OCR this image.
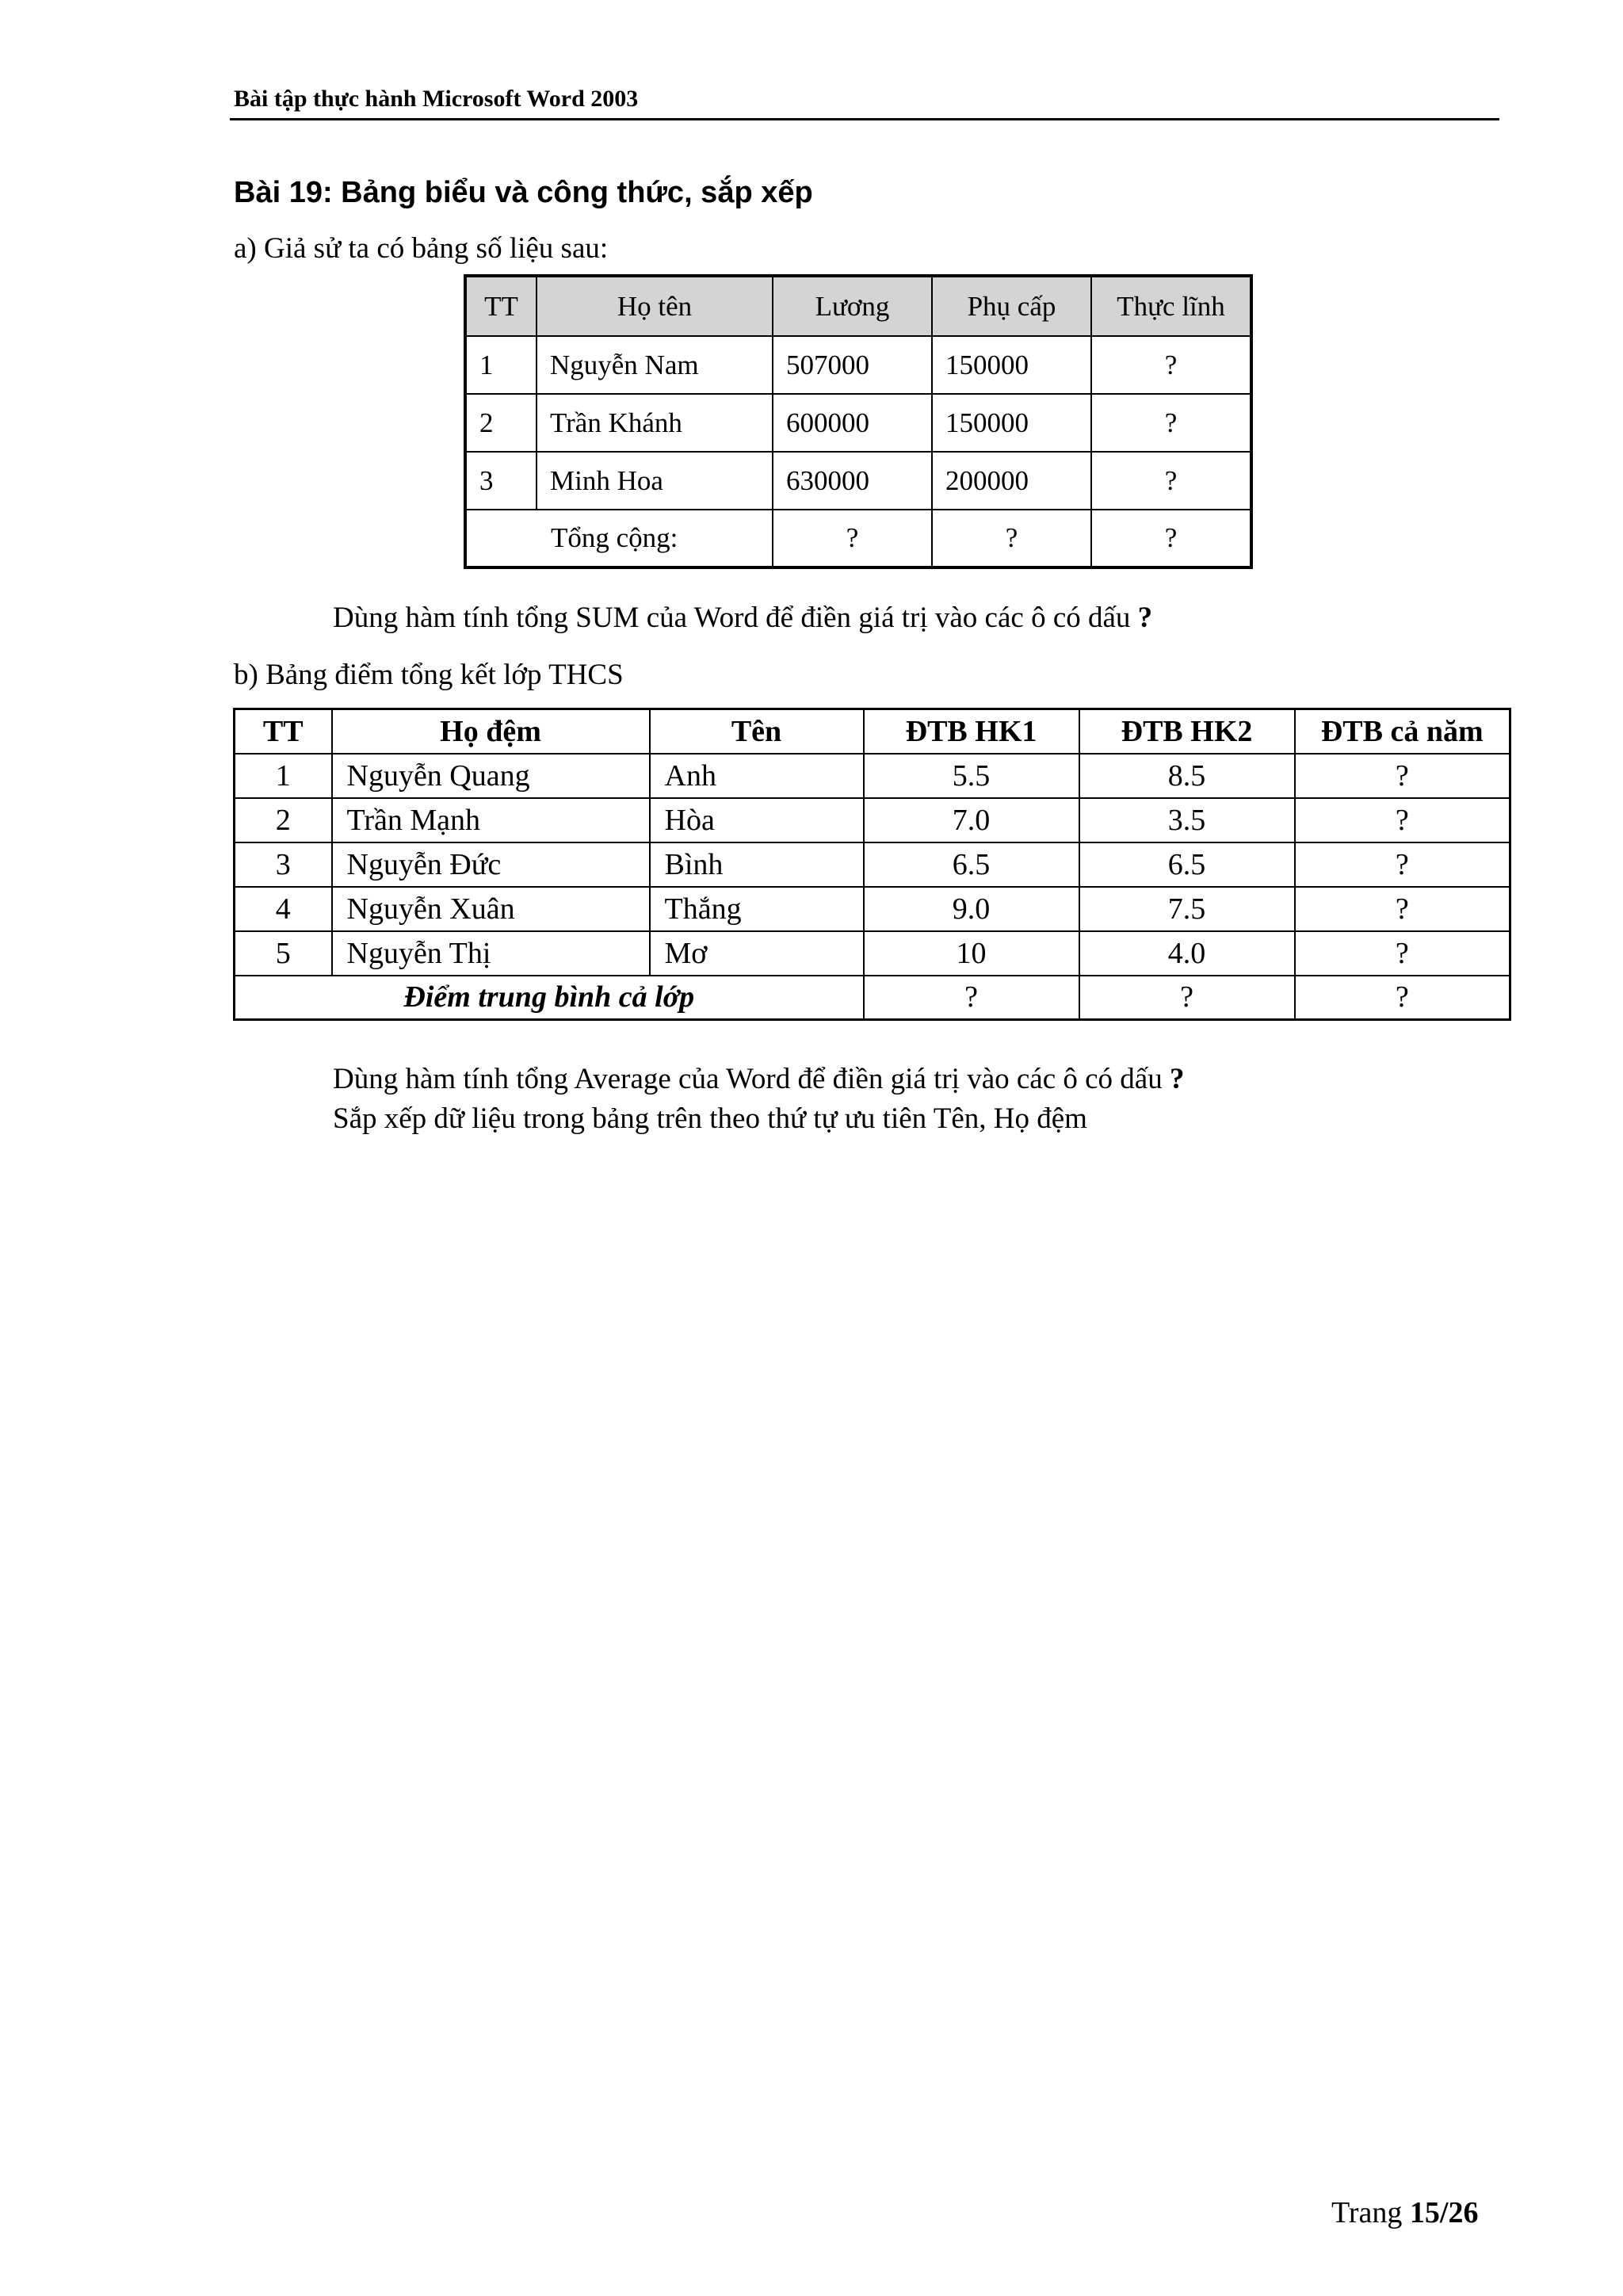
Bài tập thực hành Microsoft Word 2003
Bài 19: Bảng biểu và công thức, sắp xếp
a) Giả sử ta có bảng số liệu sau:
TT	Họ tên	Lương	Phụ cấp	Thực lĩnh
1	Nguyễn Nam	507000	150000	?
2	Trần Khánh	600000	150000	?
3	Minh Hoa	630000	200000	?
Tổng cộng:		?	?	?
Dùng hàm tính tổng SUM của Word để điền giá trị vào các ô có dấu ?
b) Bảng điểm tổng kết lớp THCS
TT	Họ đệm	Tên	ĐTB HK1	ĐTB HK2	ĐTB cả năm
1	Nguyễn Quang	Anh	5.5	8.5	?
2	Trần Mạnh	Hòa	7.0	3.5	?
3	Nguyễn Đức	Bình	6.5	6.5	?
4	Nguyễn Xuân	Thắng	9.0	7.5	?
5	Nguyễn Thị	Mơ	10	4.0	?
Điểm trung bình cả lớp			?	?	?
Dùng hàm tính tổng Average của Word để điền giá trị vào các ô có dấu ?
Sắp xếp dữ liệu trong bảng trên theo thứ tự ưu tiên Tên, Họ đệm
Trang 15/26
